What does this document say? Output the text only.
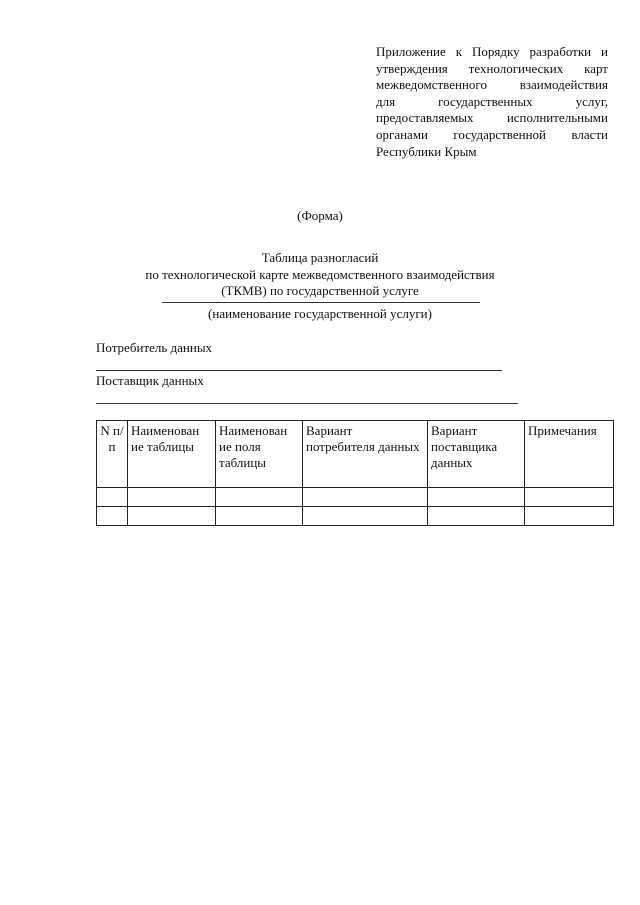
Приложение к Порядку разработки и
утверждения технологических карт
межведомственного взаимодействия
для государственных услуг,
предоставляемых исполнительными
органами государственной власти
Республики Крым
(Форма)
Таблица разногласий
по технологической карте межведомственного взаимодействия
(ТКМВ) по государственной услуге
(наименование государственной услуги)
Потребитель данных
Поставщик данных
N п/п	Наименован ие таблицы	Наименован ие поля таблицы	Вариант потребителя данных	Вариант поставщика данных	Примечания
